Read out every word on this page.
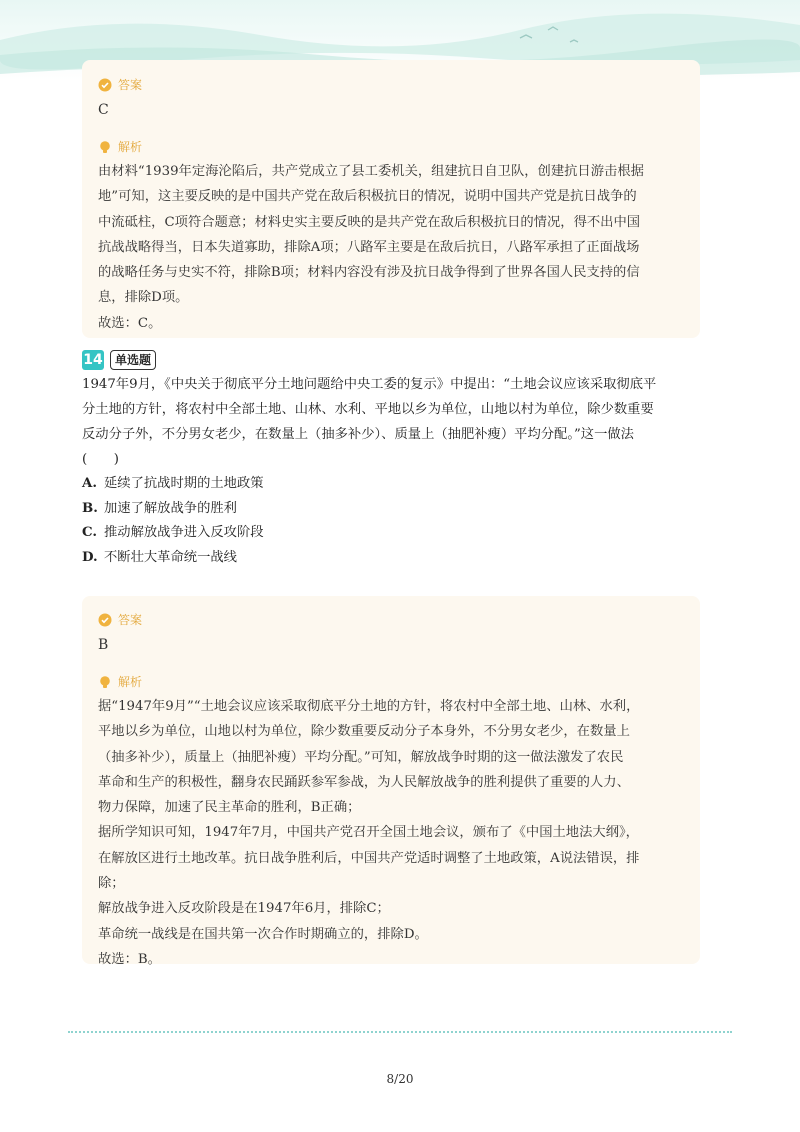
答案
C
解析

由材料“1939年定海沦陷后，共产党成立了县工委机关，组建抗日自卫队，创建抗日游击根据

地”可知，这主要反映的是中国共产党在敌后积极抗日的情况，说明中国共产党是抗日战争的

中流砥柱，C项符合题意；材料史实主要反映的是共产党在敌后积极抗日的情况，得不出中国

抗战战略得当，日本失道寡助，排除A项；八路军主要是在敌后抗日，八路军承担了正面战场

的战略任务与史实不符，排除B项；材料内容没有涉及抗日战争得到了世界各国人民支持的信

息，排除D项。

故选：C。

14	单选题

1947年9月，《中央关于彻底平分土地问题给中央工委的复示》中提出：“土地会议应该采取彻底平

分土地的方针，将农村中全部土地、山林、水利、平地以乡为单位，山地以村为单位，除少数重要

反动分子外，不分男女老少，在数量上（抽多补少）、质量上（抽肥补瘦）平均分配。”这一做法

(　　)

A. 延续了抗战时期的土地政策
B. 加速了解放战争的胜利
C. 推动解放战争进入反攻阶段
D. 不断壮大革命统一战线
答案
B
解析

据“1947年9月”“土地会议应该采取彻底平分土地的方针，将农村中全部土地、山林、水利，

平地以乡为单位，山地以村为单位，除少数重要反动分子本身外，不分男女老少，在数量上

（抽多补少），质量上（抽肥补瘦）平均分配。”可知，解放战争时期的这一做法激发了农民

革命和生产的积极性，翻身农民踊跃参军参战，为人民解放战争的胜利提供了重要的人力、

物力保障，加速了民主革命的胜利，B正确；

据所学知识可知，1947年7月，中国共产党召开全国土地会议，颁布了《中国土地法大纲》，

在解放区进行土地改革。抗日战争胜利后，中国共产党适时调整了土地政策，A说法错误，排

除；

解放战争进入反攻阶段是在1947年6月，排除C；

革命统一战线是在国共第一次合作时期确立的，排除D。

故选：B。

8/20
